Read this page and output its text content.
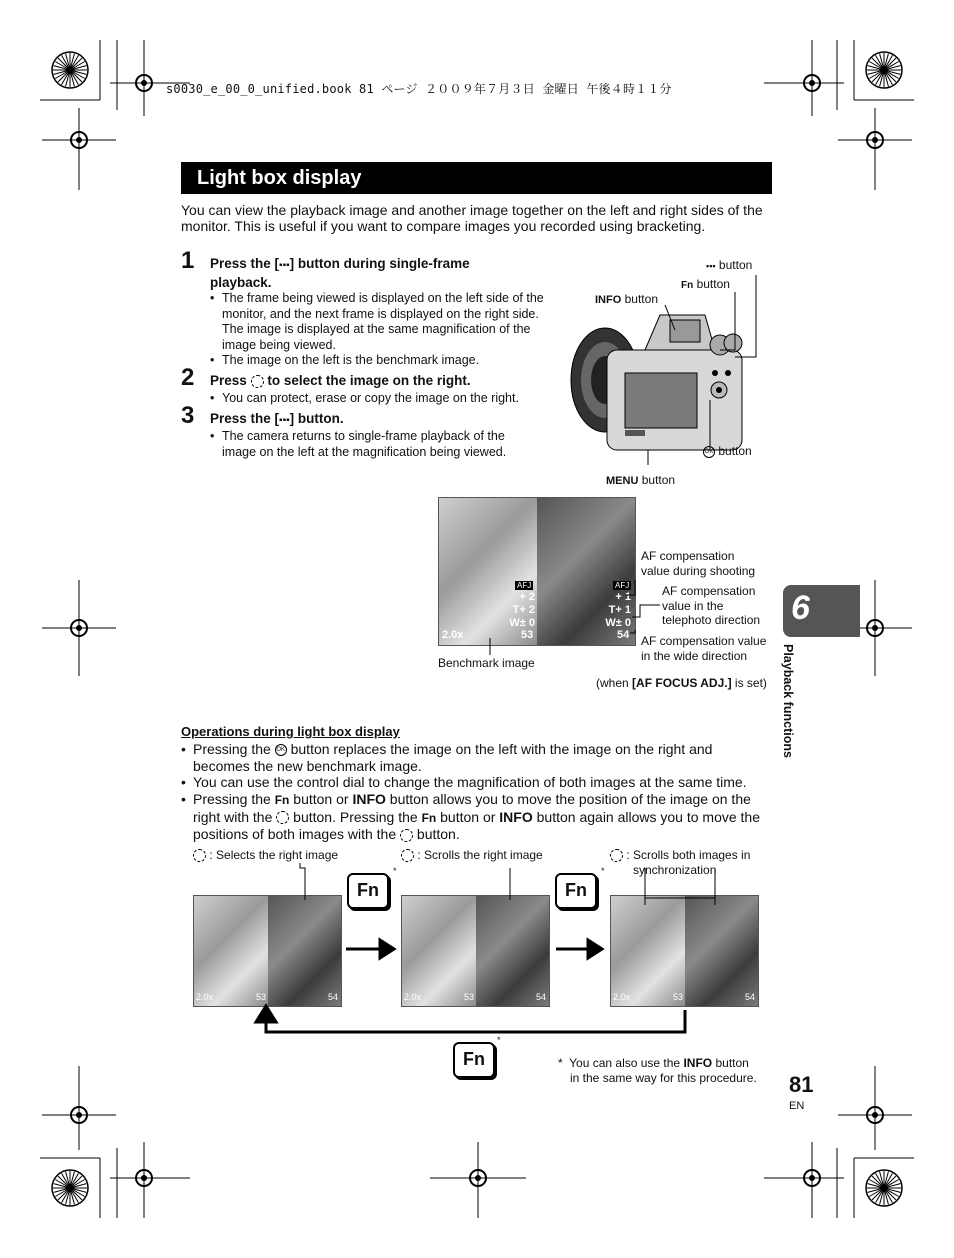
s0030_e_00_0_unified.book 81 ページ ２００９年７月３日 金曜日 午後４時１１分
Light box display
You can view the playback image and another image together on the left and right sides of the monitor. This is useful if you want to compare images you recorded using bracketing.
1 Press the [▪▪▪] button during single-frame
playback.
• The frame being viewed is displayed on the left side of the monitor, and the next frame is displayed on the right side. The image is displayed at the same magnification of the image being viewed.
• The image on the left is the benchmark image.
2 Press to select the image on the right.
• You can protect, erase or copy the image on the right.
3 Press the [▪▪▪] button.
• The camera returns to single-frame playback of the image on the left at the magnification being viewed.
▪▪▪ button
Fn button
INFO button
OK button
MENU button
AFJ	AFJ
+ 2
T+ 2
W± 0
+ 1
T+ 1
W± 0
2.0x	53	54
AF compensation
value during shooting
AF compensation
value in the
telephoto direction
AF compensation value
in the wide direction
Benchmark image
(when [AF FOCUS ADJ.] is set)
6
Playback functions
Operations during light box display
• Pressing the OK button replaces the image on the left with the image on the right and becomes the new benchmark image.
• You can use the control dial to change the magnification of both images at the same time.
• Pressing the Fn button or INFO button allows you to move the position of the image on the right with the button. Pressing the Fn button or INFO button again allows you to move the positions of both images with the button.
: Selects the right image	: Scrolls the right image	: Scrolls both images in
synchronization
2.0x	53	54	2.0x	53	54	2.0x	53	54
Fn
*
Fn
*
Fn
*
* You can also use the INFO button
in the same way for this procedure. 81
EN
